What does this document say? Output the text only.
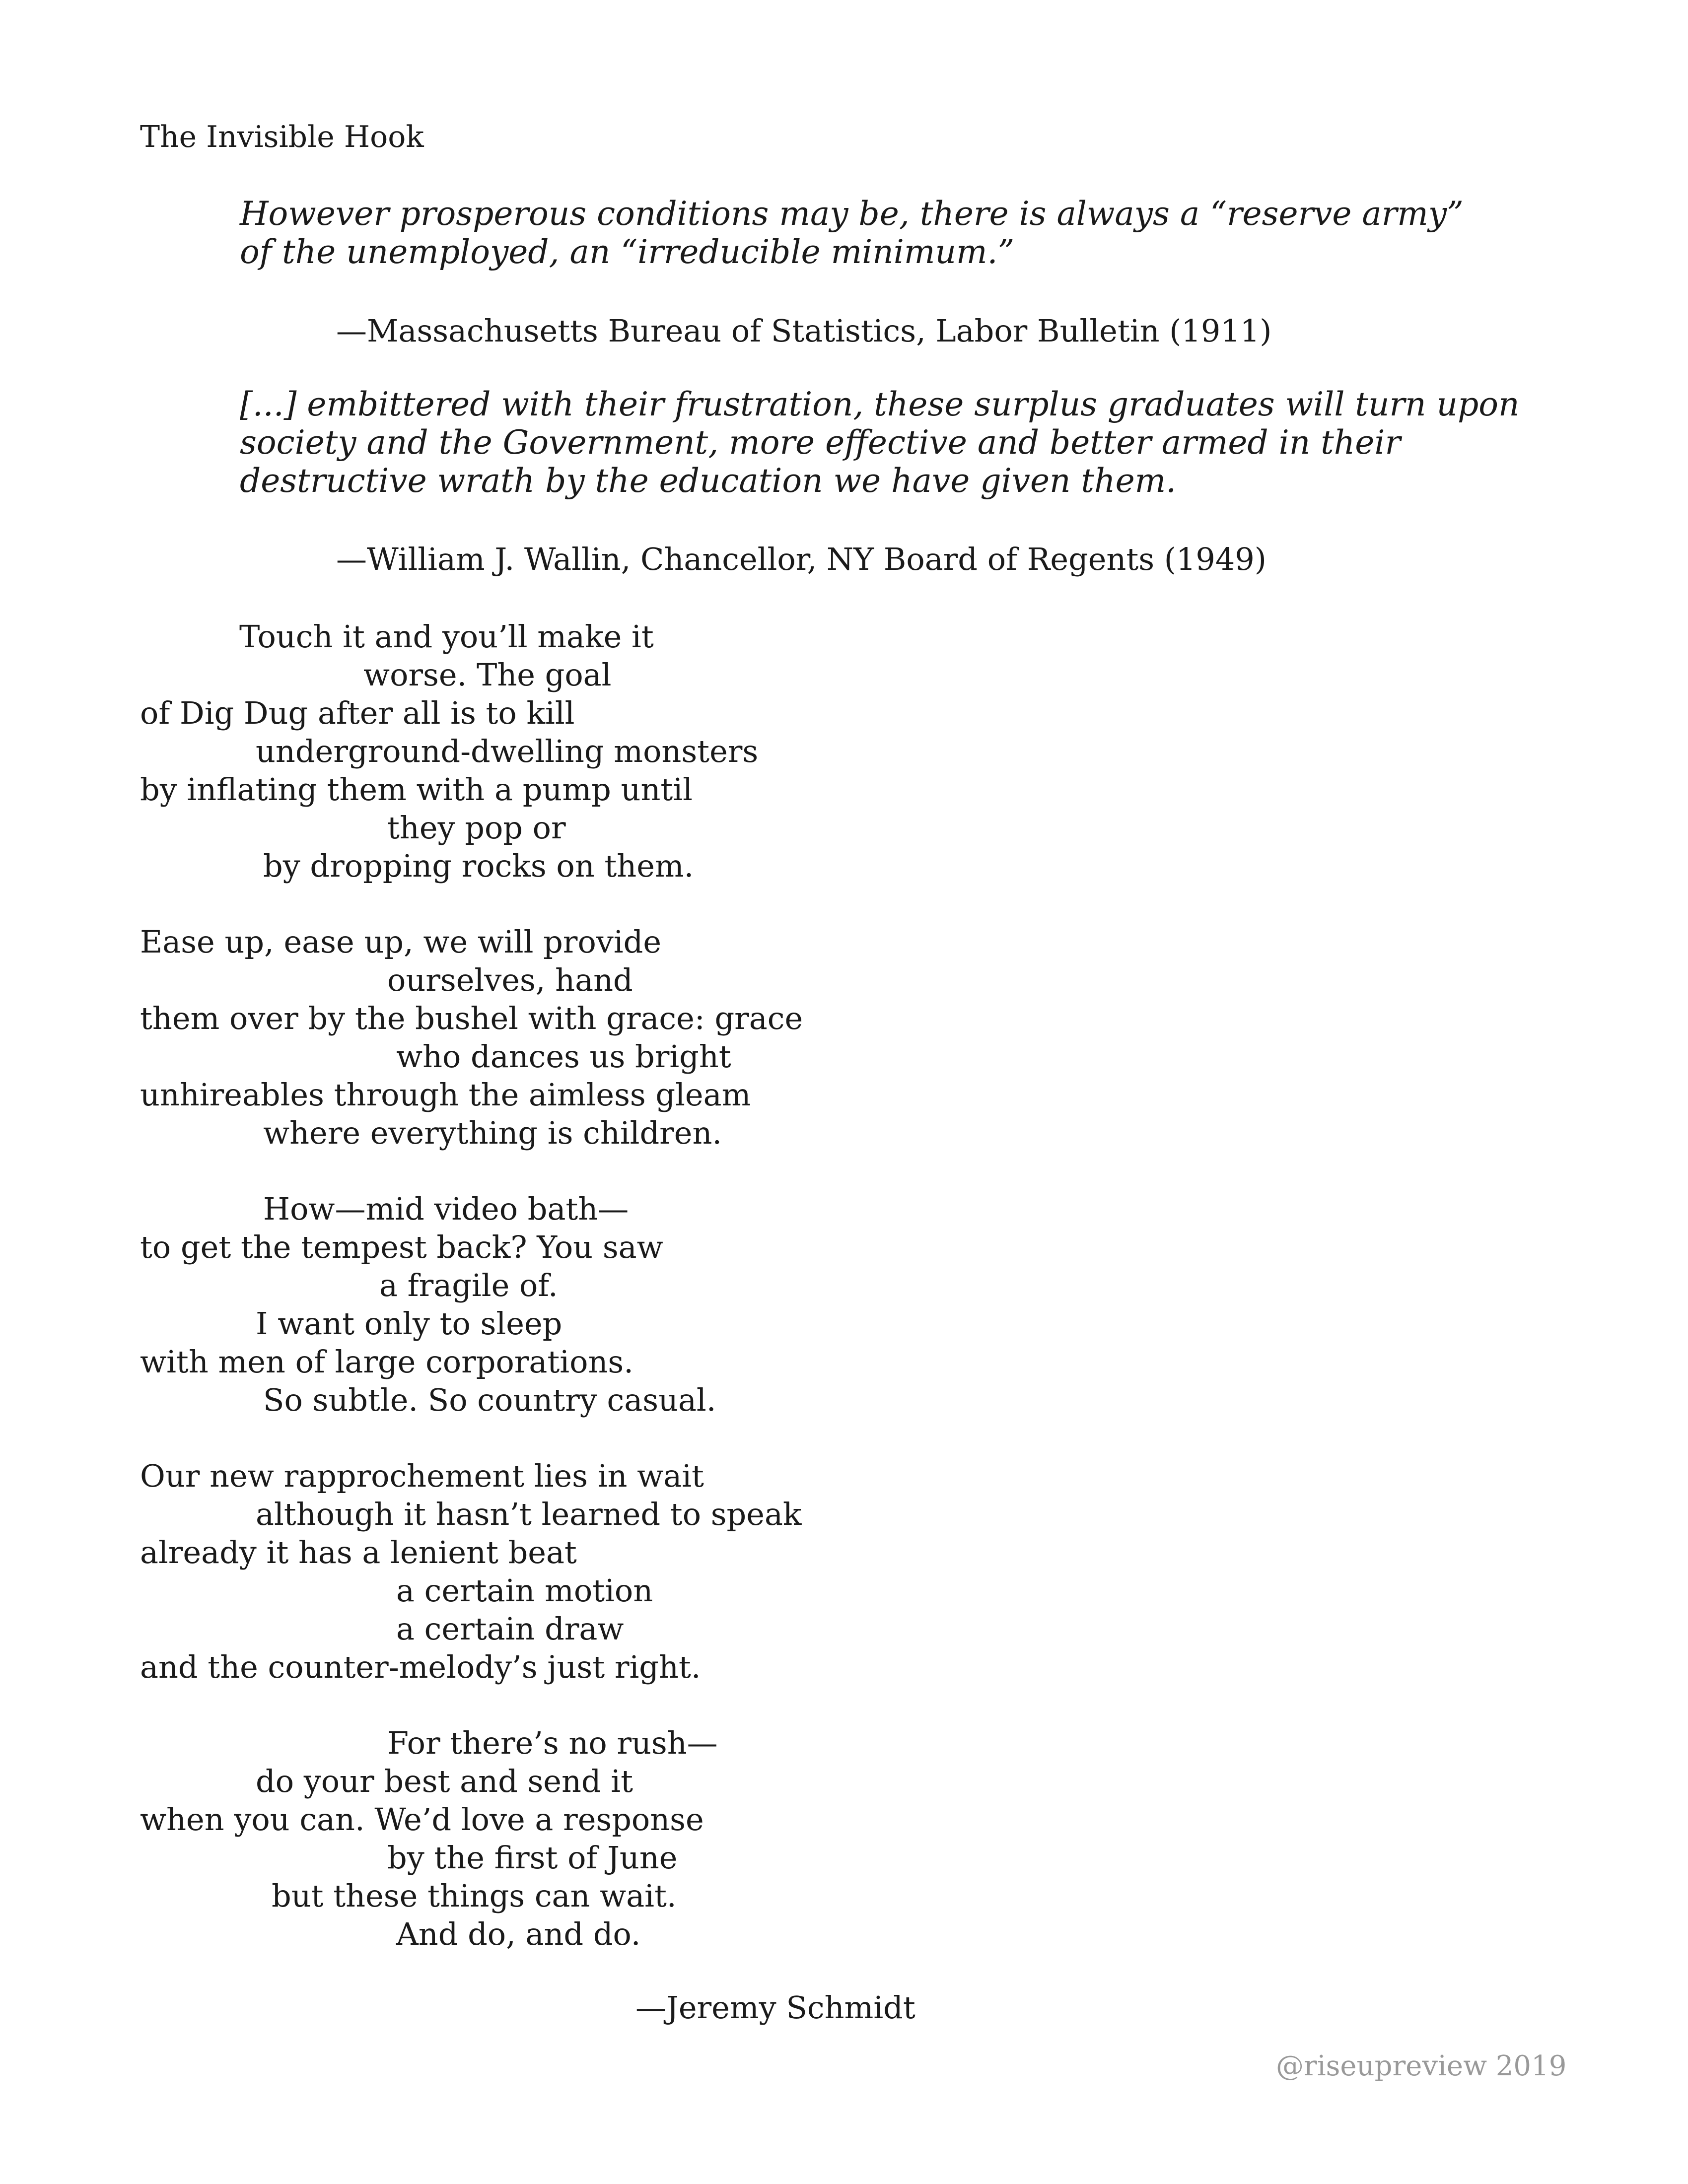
The Invisible Hook
However prosperous conditions may be, there is always a “reserve army”
of the unemployed, an “irreducible minimum.”
—Massachusetts Bureau of Statistics, Labor Bulletin (1911)
[...] embittered with their frustration, these surplus graduates will turn upon
society and the Government, more effective and better armed in their
destructive wrath by the education we have given them.
—William J. Wallin, Chancellor, NY Board of Regents (1949)
Touch it and you’ll make it
worse. The goal
of Dig Dug after all is to kill
underground-dwelling monsters
by inflating them with a pump until
they pop or
by dropping rocks on them.
Ease up, ease up, we will provide
ourselves, hand
them over by the bushel with grace: grace
who dances us bright
unhireables through the aimless gleam
where everything is children.
How—mid video bath—
to get the tempest back? You saw
a fragile of.
I want only to sleep
with men of large corporations.
So subtle. So country casual.
Our new rapprochement lies in wait
although it hasn’t learned to speak
already it has a lenient beat
a certain motion
a certain draw
and the counter-melody’s just right.
For there’s no rush—
do your best and send it
when you can. We’d love a response
by the first of June
but these things can wait.
And do, and do.
—Jeremy Schmidt
@riseupreview 2019
